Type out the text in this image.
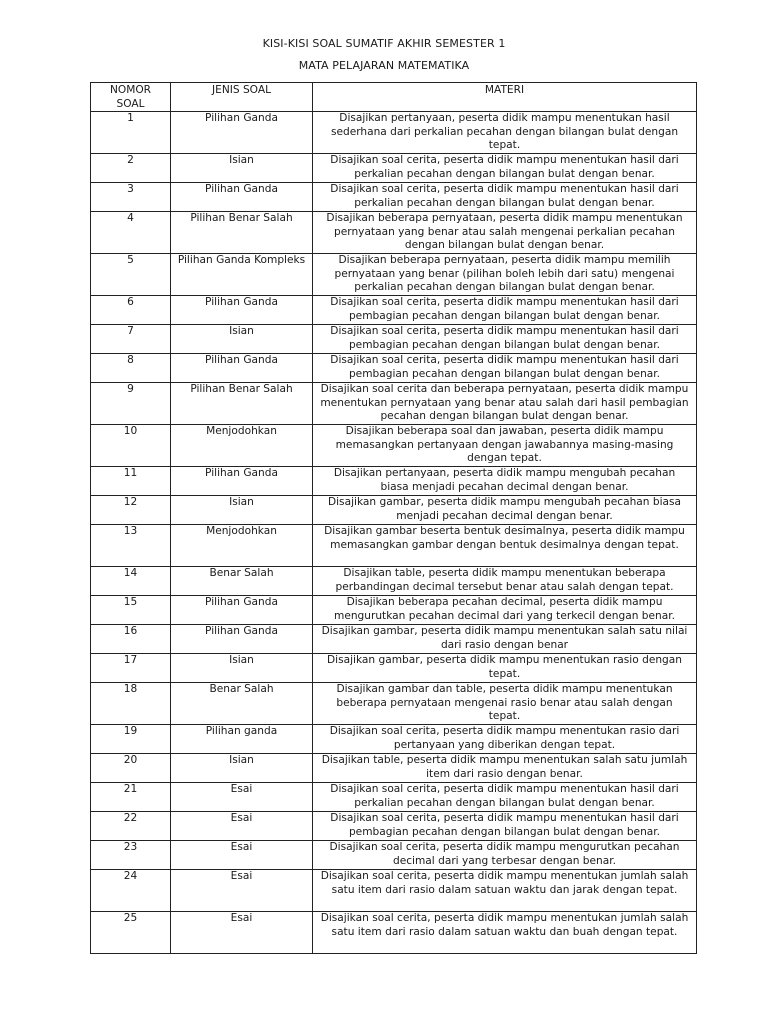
KISI-KISI SOAL SUMATIF AKHIR SEMESTER 1
MATA PELAJARAN MATEMATIKA
NOMOR SOAL	JENIS SOAL	MATERI
1	Pilihan Ganda	Disajikan pertanyaan, peserta didik mampu menentukan hasil sederhana dari perkalian pecahan dengan bilangan bulat dengan tepat.
2	Isian	Disajikan soal cerita, peserta didik mampu menentukan hasil dari perkalian pecahan dengan bilangan bulat dengan benar.
3	Pilihan Ganda	Disajikan soal cerita, peserta didik mampu menentukan hasil dari perkalian pecahan dengan bilangan bulat dengan benar.
4	Pilihan Benar Salah	Disajikan beberapa pernyataan, peserta didik mampu menentukan pernyataan yang benar atau salah mengenai perkalian pecahan dengan bilangan bulat dengan benar.
5	Pilihan Ganda Kompleks	Disajikan beberapa pernyataan, peserta didik mampu memilih pernyataan yang benar (pilihan boleh lebih dari satu) mengenai perkalian pecahan dengan bilangan bulat dengan benar.
6	Pilihan Ganda	Disajikan soal cerita, peserta didik mampu menentukan hasil dari pembagian pecahan dengan bilangan bulat dengan benar.
7	Isian	Disajikan soal cerita, peserta didik mampu menentukan hasil dari pembagian pecahan dengan bilangan bulat dengan benar.
8	Pilihan Ganda	Disajikan soal cerita, peserta didik mampu menentukan hasil dari pembagian pecahan dengan bilangan bulat dengan benar.
9	Pilihan Benar Salah	Disajikan soal cerita dan beberapa pernyataan, peserta didik mampu menentukan pernyataan yang benar atau salah dari hasil pembagian pecahan dengan bilangan bulat dengan benar.
10	Menjodohkan	Disajikan beberapa soal dan jawaban, peserta didik mampu memasangkan pertanyaan dengan jawabannya masing-masing dengan tepat.
11	Pilihan Ganda	Disajikan pertanyaan, peserta didik mampu mengubah pecahan biasa menjadi pecahan decimal dengan benar.
12	Isian	Disajikan gambar, peserta didik mampu mengubah pecahan biasa menjadi pecahan decimal dengan benar.
13	Menjodohkan	Disajikan gambar beserta bentuk desimalnya, peserta didik mampu memasangkan gambar dengan bentuk desimalnya dengan tepat.
14	Benar Salah	Disajikan table, peserta didik mampu menentukan beberapa perbandingan decimal tersebut benar atau salah dengan tepat.
15	Pilihan Ganda	Disajikan beberapa pecahan decimal, peserta didik mampu mengurutkan pecahan decimal dari yang terkecil dengan benar.
16	Pilihan Ganda	Disajikan gambar, peserta didik mampu menentukan salah satu nilai dari rasio dengan benar
17	Isian	Disajikan gambar, peserta didik mampu menentukan rasio dengan tepat.
18	Benar Salah	Disajikan gambar dan table, peserta didik mampu menentukan beberapa pernyataan mengenai rasio benar atau salah dengan tepat.
19	Pilihan ganda	Disajikan soal cerita, peserta didik mampu menentukan rasio dari pertanyaan yang diberikan dengan tepat.
20	Isian	Disajikan table, peserta didik mampu menentukan salah satu jumlah item dari rasio dengan benar.
21	Esai	Disajikan soal cerita, peserta didik mampu menentukan hasil dari perkalian pecahan dengan bilangan bulat dengan benar.
22	Esai	Disajikan soal cerita, peserta didik mampu menentukan hasil dari pembagian pecahan dengan bilangan bulat dengan benar.
23	Esai	Disajikan soal cerita, peserta didik mampu mengurutkan pecahan decimal dari yang terbesar dengan benar.
24	Esai	Disajikan soal cerita, peserta didik mampu menentukan jumlah salah satu item dari rasio dalam satuan waktu dan jarak dengan tepat.
25	Esai	Disajikan soal cerita, peserta didik mampu menentukan jumlah salah satu item dari rasio dalam satuan waktu dan buah dengan tepat.
